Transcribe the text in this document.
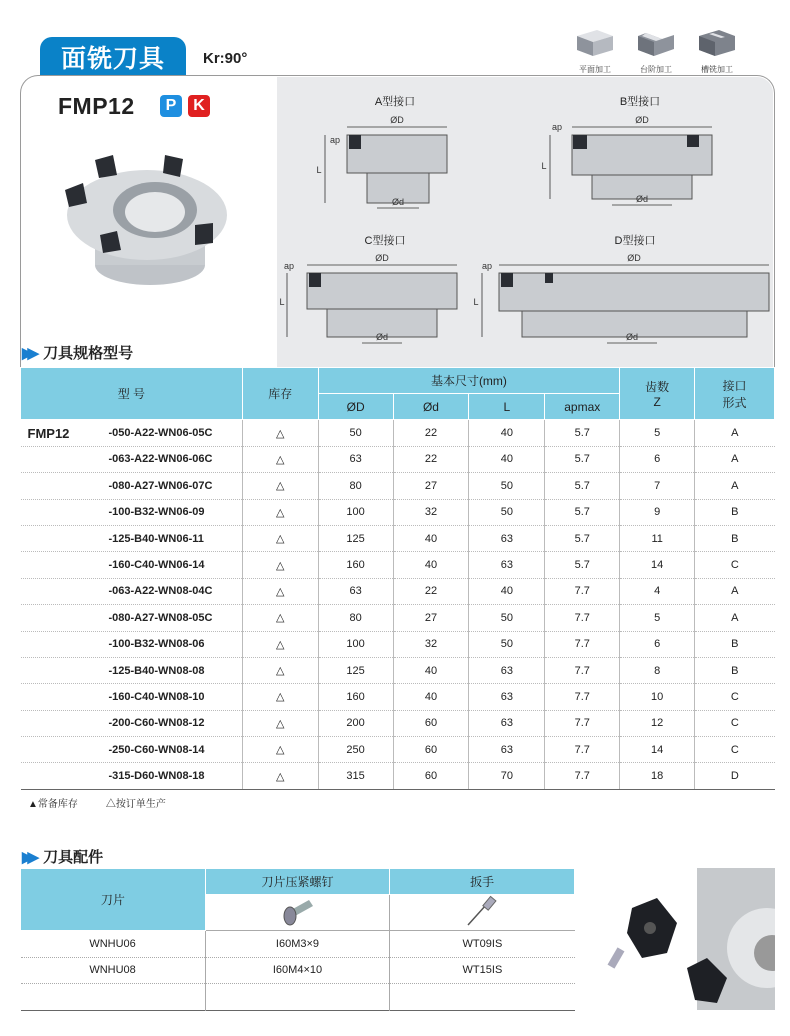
面铣刀具	Kr:90°
平面加工	台阶加工	槽铣加工
FMP12	P	K	A型接口	B型接口
C型接口	D型接口
ØD
Ød
L
ap
ØD
Ød
L
ap
ØD
Ød
L
ap
ØD
Ød
L
ap
▶▶ 刀具规格型号
型 号	库存	基本尺寸(mm)				齿数
Z	接口
形式
		ØD	Ød	L	apmax		

FMP12 -050-A22-WN06-05C	△	50	22	40	5.7	5	A
-063-A22-WN06-06C	△	63	22	40	5.7	6	A
-080-A27-WN06-07C	△	80	27	50	5.7	7	A
-100-B32-WN06-09	△	100	32	50	5.7	9	B
-125-B40-WN06-11	△	125	40	63	5.7	11	B
-160-C40-WN06-14	△	160	40	63	5.7	14	C
-063-A22-WN08-04C	△	63	22	40	7.7	4	A
-080-A27-WN08-05C	△	80	27	50	7.7	5	A
-100-B32-WN08-06	△	100	32	50	7.7	6	B
-125-B40-WN08-08	△	125	40	63	7.7	8	B
-160-C40-WN08-10	△	160	40	63	7.7	10	C
-200-C60-WN08-12	△	200	60	63	7.7	12	C
-250-C60-WN08-14	△	250	60	63	7.7	14	C
-315-D60-WN08-18	△	315	60	70	7.7	18	D
▲常备库存	△按订单生产
▶▶ 刀具配件
刀片	刀片压紧螺钉	扳手

WNHU06	I60M3×9	WT09IS
WNHU08	I60M4×10	WT15IS
